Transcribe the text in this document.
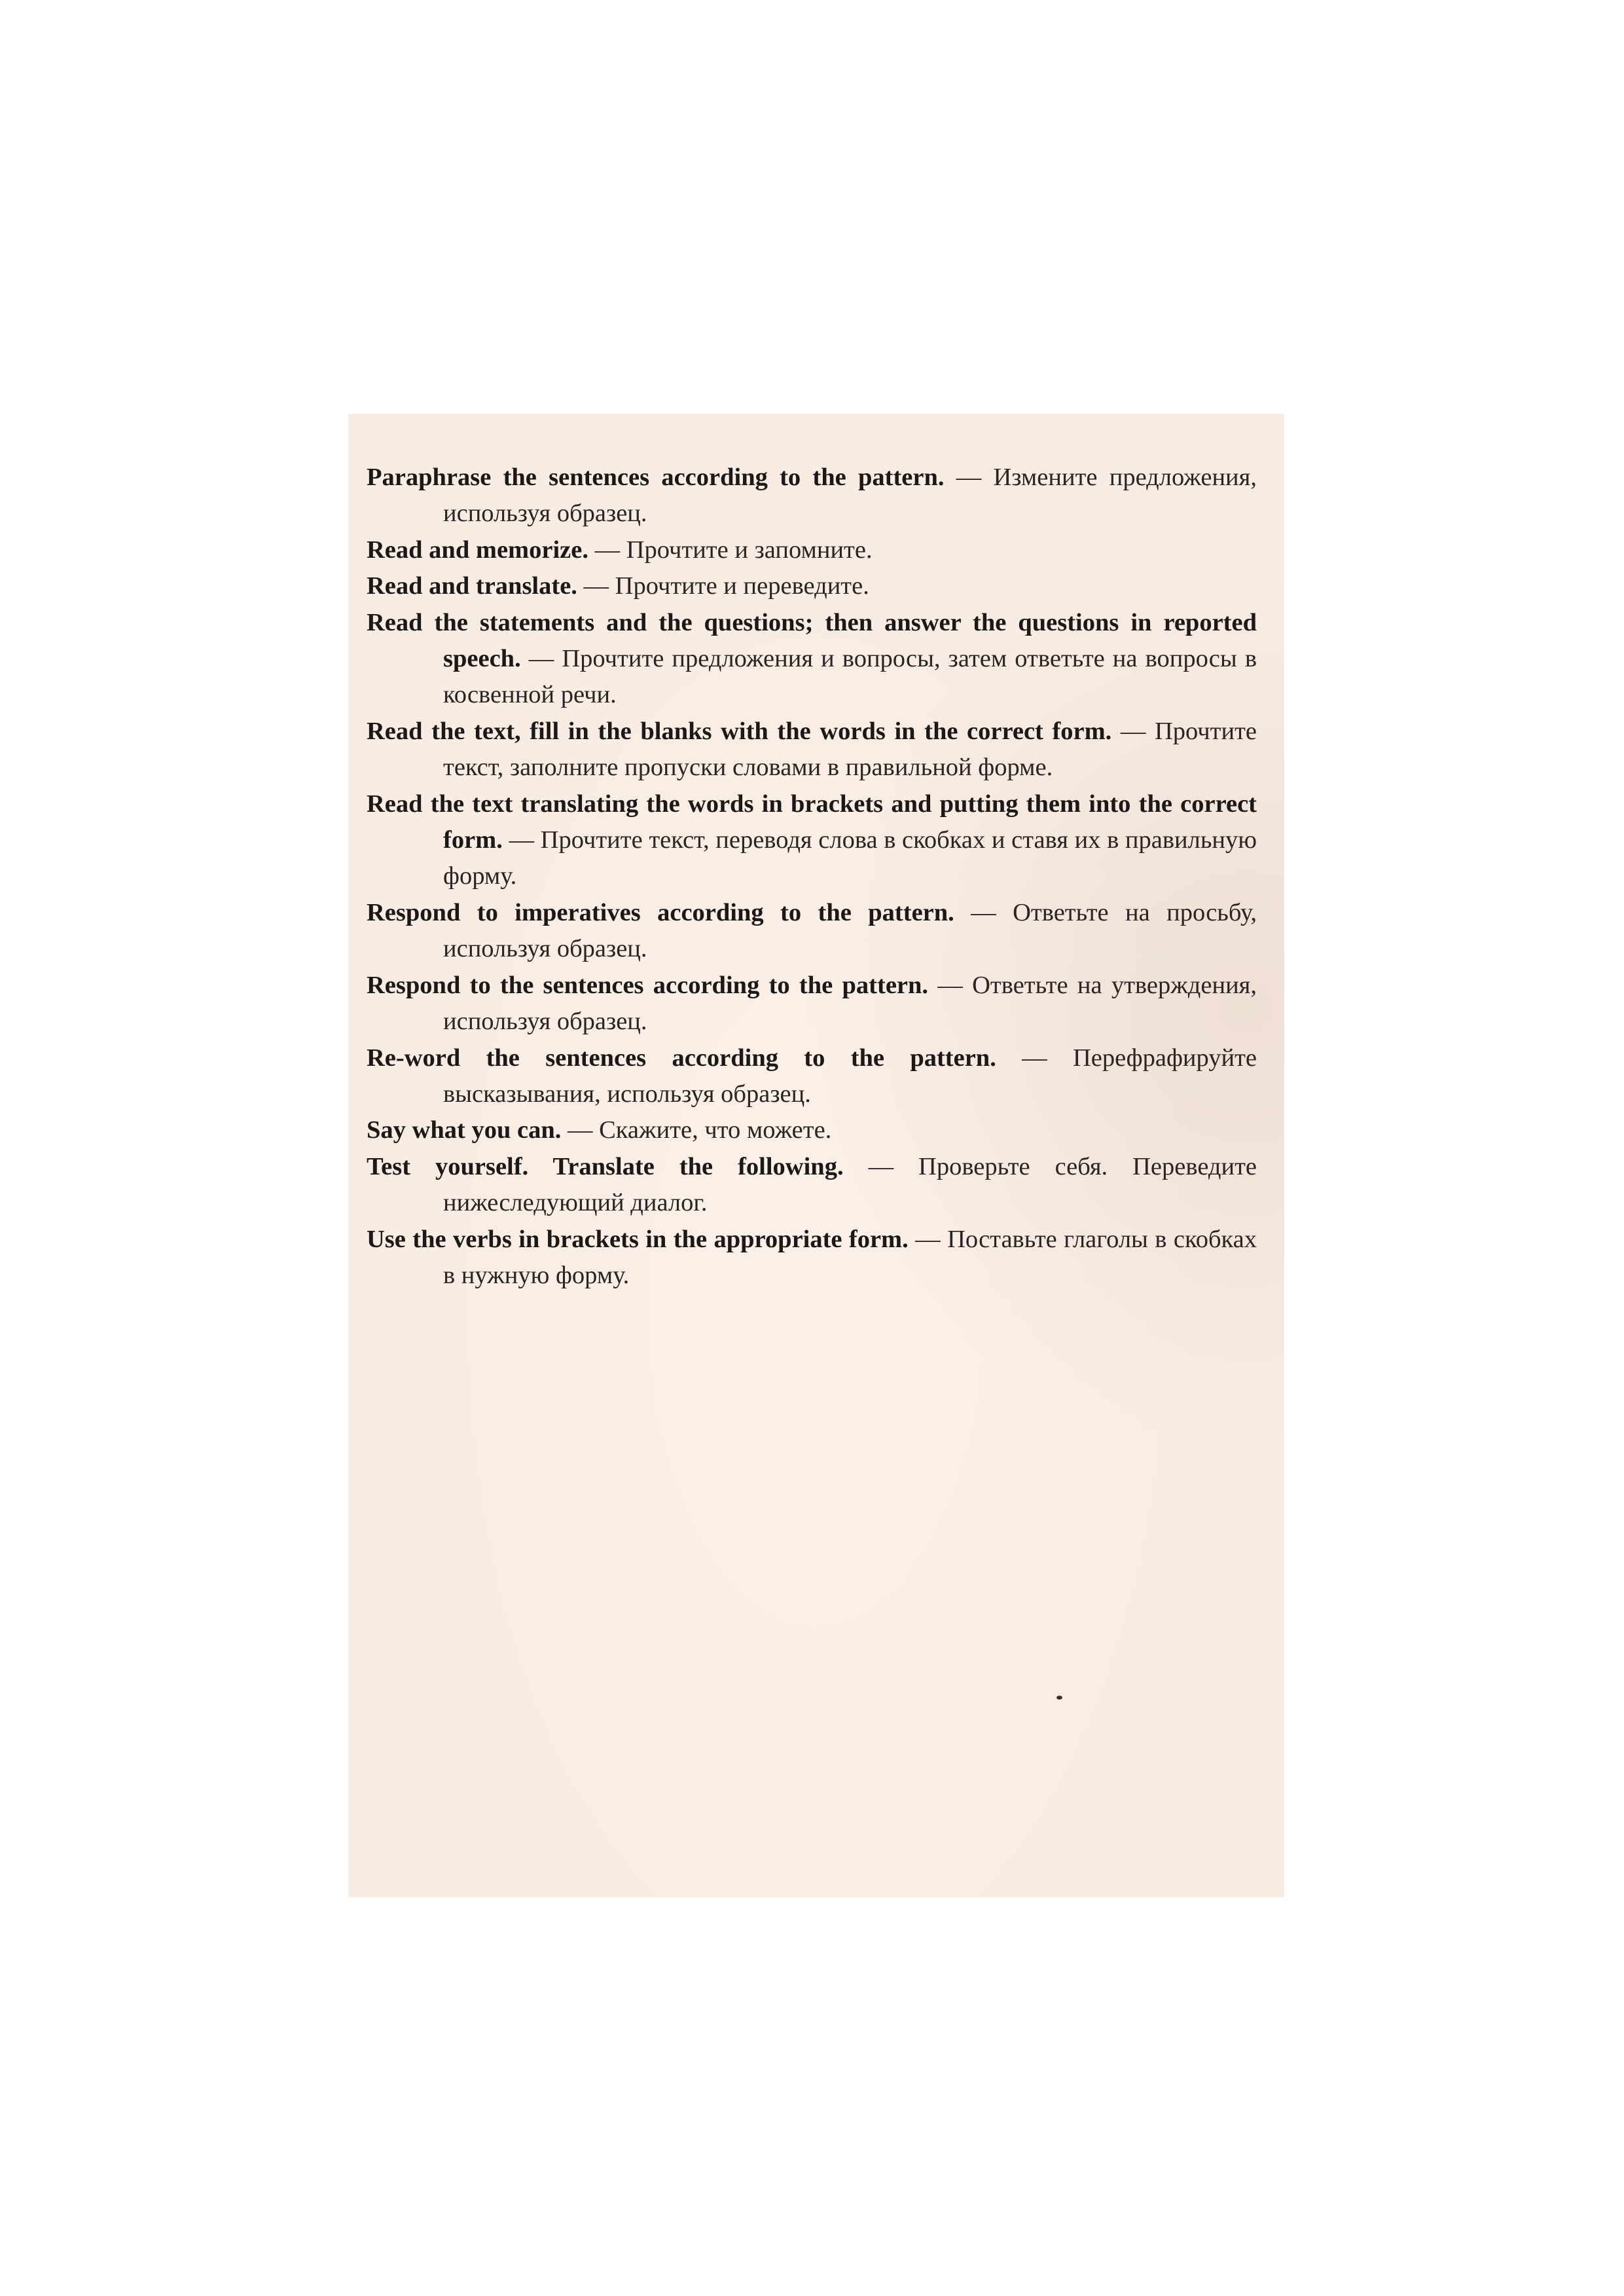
Paraphrase the sentences according to the pattern. — Измените предложения, используя образец.

Read and memorize. — Прочтите и запомните.

Read and translate. — Прочтите и переведите.

Read the statements and the questions; then answer the questions in reported speech. — Прочтите предложения и вопросы, затем ответьте на вопросы в косвенной речи.

Read the text, fill in the blanks with the words in the correct form. — Прочтите текст, заполните пропуски словами в правильной форме.

Read the text translating the words in brackets and putting them into the correct form. — Прочтите текст, переводя слова в скобках и ставя их в правильную форму.

Respond to imperatives according to the pattern. — Ответьте на просьбу, используя образец.

Respond to the sentences according to the pattern. — Ответьте на утверждения, используя образец.

Re-word the sentences according to the pattern. — Перефрафируйте высказывания, используя образец.

Say what you can. — Скажите, что можете.

Test yourself. Translate the following. — Проверьте себя. Переведите нижеследующий диалог.

Use the verbs in brackets in the appropriate form. — Поставьте глаголы в скобках в нужную форму.
